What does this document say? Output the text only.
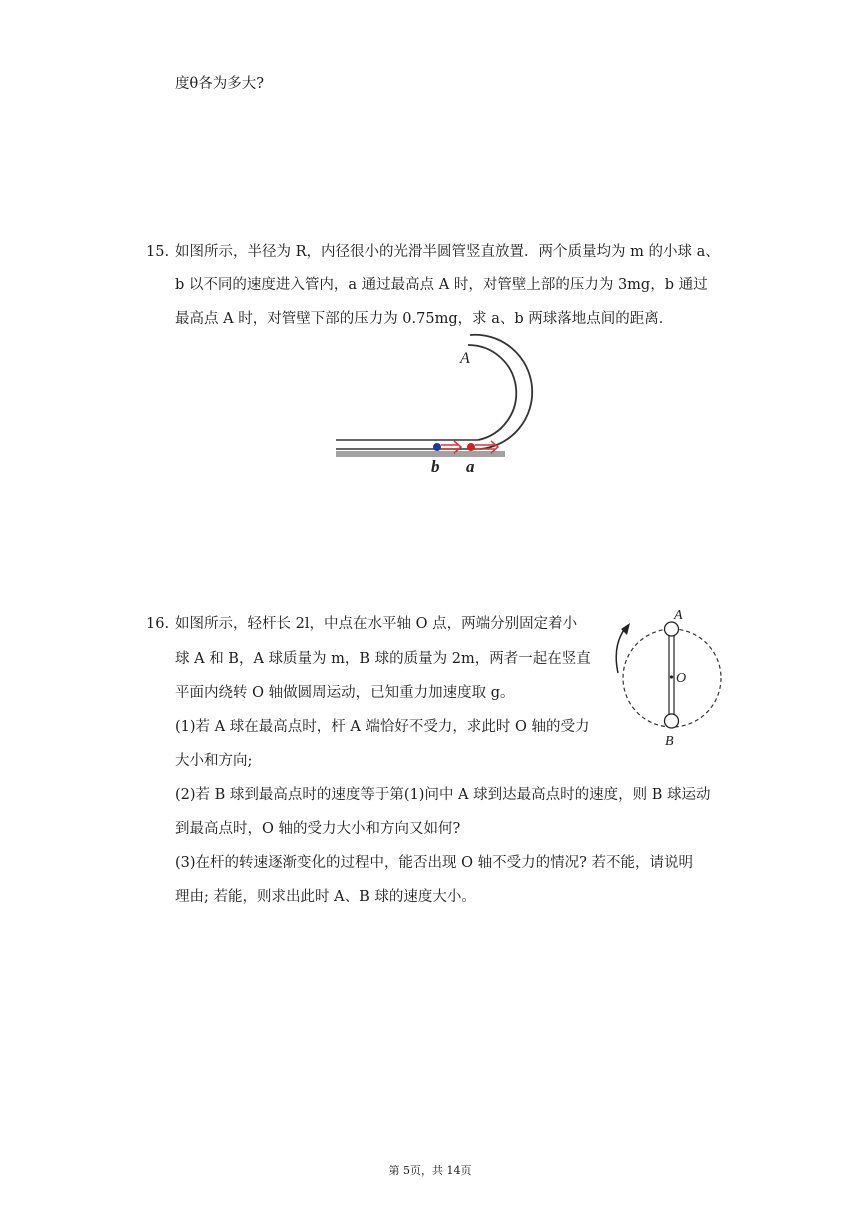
度θ各为多大?
15. 如图所示，半径为 R，内径很小的光滑半圆管竖直放置．两个质量均为 m 的小球 a、
b 以不同的速度进入管内，a 通过最高点 A 时，对管壁上部的压力为 3mg，b 通过
最高点 A 时，对管壁下部的压力为 0.75mg，求 a、b 两球落地点间的距离．
A
b a
16. 如图所示，轻杆长 2l，中点在水平轴 O 点，两端分别固定着小
球 A 和 B，A 球质量为 m，B 球的质量为 2m，两者一起在竖直
平面内绕转 O 轴做圆周运动，已知重力加速度取 g。
(1)若 A 球在最高点时，杆 A 端恰好不受力，求此时 O 轴的受力
大小和方向;
(2)若 B 球到最高点时的速度等于第(1)问中 A 球到达最高点时的速度，则 B 球运动
到最高点时，O 轴的受力大小和方向又如何?
(3)在杆的转速逐渐变化的过程中，能否出现 O 轴不受力的情况? 若不能，请说明
理由; 若能，则求出此时 A、B 球的速度大小。
A
O
B
第 5页，共 14页
